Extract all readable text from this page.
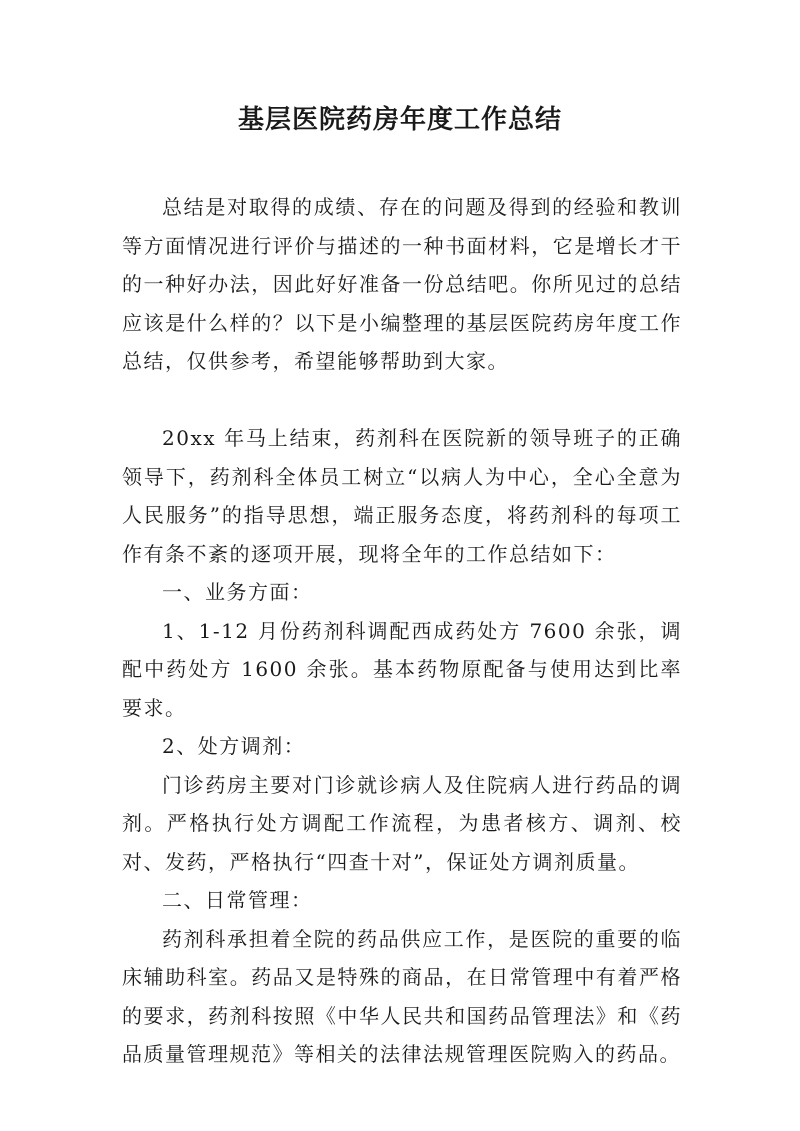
基层医院药房年度工作总结

总结是对取得的成绩、存在的问题及得到的经验和教训等方面情况进行评价与描述的一种书面材料，它是增长才干的一种好办法，因此好好准备一份总结吧。你所见过的总结应该是什么样的？以下是小编整理的基层医院药房年度工作总结，仅供参考，希望能够帮助到大家。

20xx 年马上结束，药剂科在医院新的领导班子的正确领导下，药剂科全体员工树立“以病人为中心，全心全意为人民服务”的指导思想，端正服务态度，将药剂科的每项工作有条不紊的逐项开展，现将全年的工作总结如下：

一、业务方面：

1、1-12 月份药剂科调配西成药处方 7600 余张，调配中药处方 1600 余张。基本药物原配备与使用达到比率要求。

2、处方调剂：

门诊药房主要对门诊就诊病人及住院病人进行药品的调剂。严格执行处方调配工作流程，为患者核方、调剂、校对、发药，严格执行“四查十对”，保证处方调剂质量。

二、日常管理：

药剂科承担着全院的药品供应工作，是医院的重要的临床辅助科室。药品又是特殊的商品，在日常管理中有着严格的要求，药剂科按照《中华人民共和国药品管理法》和《药品质量管理规范》等相关的法律法规管理医院购入的药品。
